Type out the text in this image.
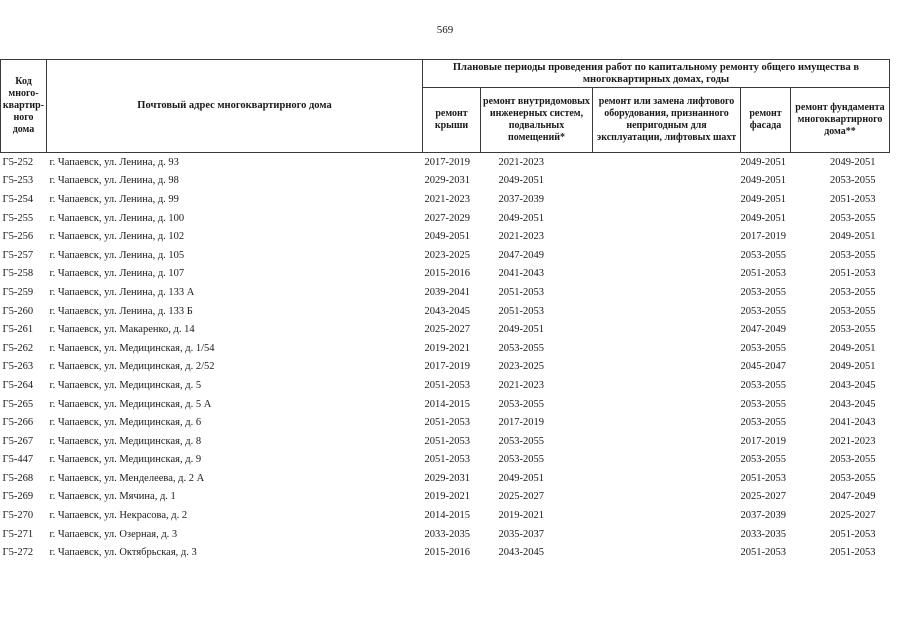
569
Код много-квартир-ного дома	Почтовый адрес многоквартирного дома	Плановые периоды проведения работ по капитальному ремонту общего имущества в многоквартирных домах, годы				
		ремонт крыши	ремонт внутридомовых инженерных систем, подвальных помещений*	ремонт или замена лифтового оборудования, признанного непригодным для эксплуатации, лифтовых шахт	ремонт фасада	ремонт фундамента многоквартирного дома**
Г5-252	г. Чапаевск, ул. Ленина, д. 93	2017-2019	2021-2023		2049-2051	2049-2051
Г5-253	г. Чапаевск, ул. Ленина, д. 98	2029-2031	2049-2051		2049-2051	2053-2055
Г5-254	г. Чапаевск, ул. Ленина, д. 99	2021-2023	2037-2039		2049-2051	2051-2053
Г5-255	г. Чапаевск, ул. Ленина, д. 100	2027-2029	2049-2051		2049-2051	2053-2055
Г5-256	г. Чапаевск, ул. Ленина, д. 102	2049-2051	2021-2023		2017-2019	2049-2051
Г5-257	г. Чапаевск, ул. Ленина, д. 105	2023-2025	2047-2049		2053-2055	2053-2055
Г5-258	г. Чапаевск, ул. Ленина, д. 107	2015-2016	2041-2043		2051-2053	2051-2053
Г5-259	г. Чапаевск, ул. Ленина, д. 133 А	2039-2041	2051-2053		2053-2055	2053-2055
Г5-260	г. Чапаевск, ул. Ленина, д. 133 Б	2043-2045	2051-2053		2053-2055	2053-2055
Г5-261	г. Чапаевск, ул. Макаренко, д. 14	2025-2027	2049-2051		2047-2049	2053-2055
Г5-262	г. Чапаевск, ул. Медицинская, д. 1/54	2019-2021	2053-2055		2053-2055	2049-2051
Г5-263	г. Чапаевск, ул. Медицинская, д. 2/52	2017-2019	2023-2025		2045-2047	2049-2051
Г5-264	г. Чапаевск, ул. Медицинская, д. 5	2051-2053	2021-2023		2053-2055	2043-2045
Г5-265	г. Чапаевск, ул. Медицинская, д. 5 А	2014-2015	2053-2055		2053-2055	2043-2045
Г5-266	г. Чапаевск, ул. Медицинская, д. 6	2051-2053	2017-2019		2053-2055	2041-2043
Г5-267	г. Чапаевск, ул. Медицинская, д. 8	2051-2053	2053-2055		2017-2019	2021-2023
Г5-447	г. Чапаевск, ул. Медицинская, д. 9	2051-2053	2053-2055		2053-2055	2053-2055
Г5-268	г. Чапаевск, ул. Менделеева, д. 2 А	2029-2031	2049-2051		2051-2053	2053-2055
Г5-269	г. Чапаевск, ул. Мячина, д. 1	2019-2021	2025-2027		2025-2027	2047-2049
Г5-270	г. Чапаевск, ул. Некрасова, д. 2	2014-2015	2019-2021		2037-2039	2025-2027
Г5-271	г. Чапаевск, ул. Озерная, д. 3	2033-2035	2035-2037		2033-2035	2051-2053
Г5-272	г. Чапаевск, ул. Октябрьская, д. 3	2015-2016	2043-2045		2051-2053	2051-2053
